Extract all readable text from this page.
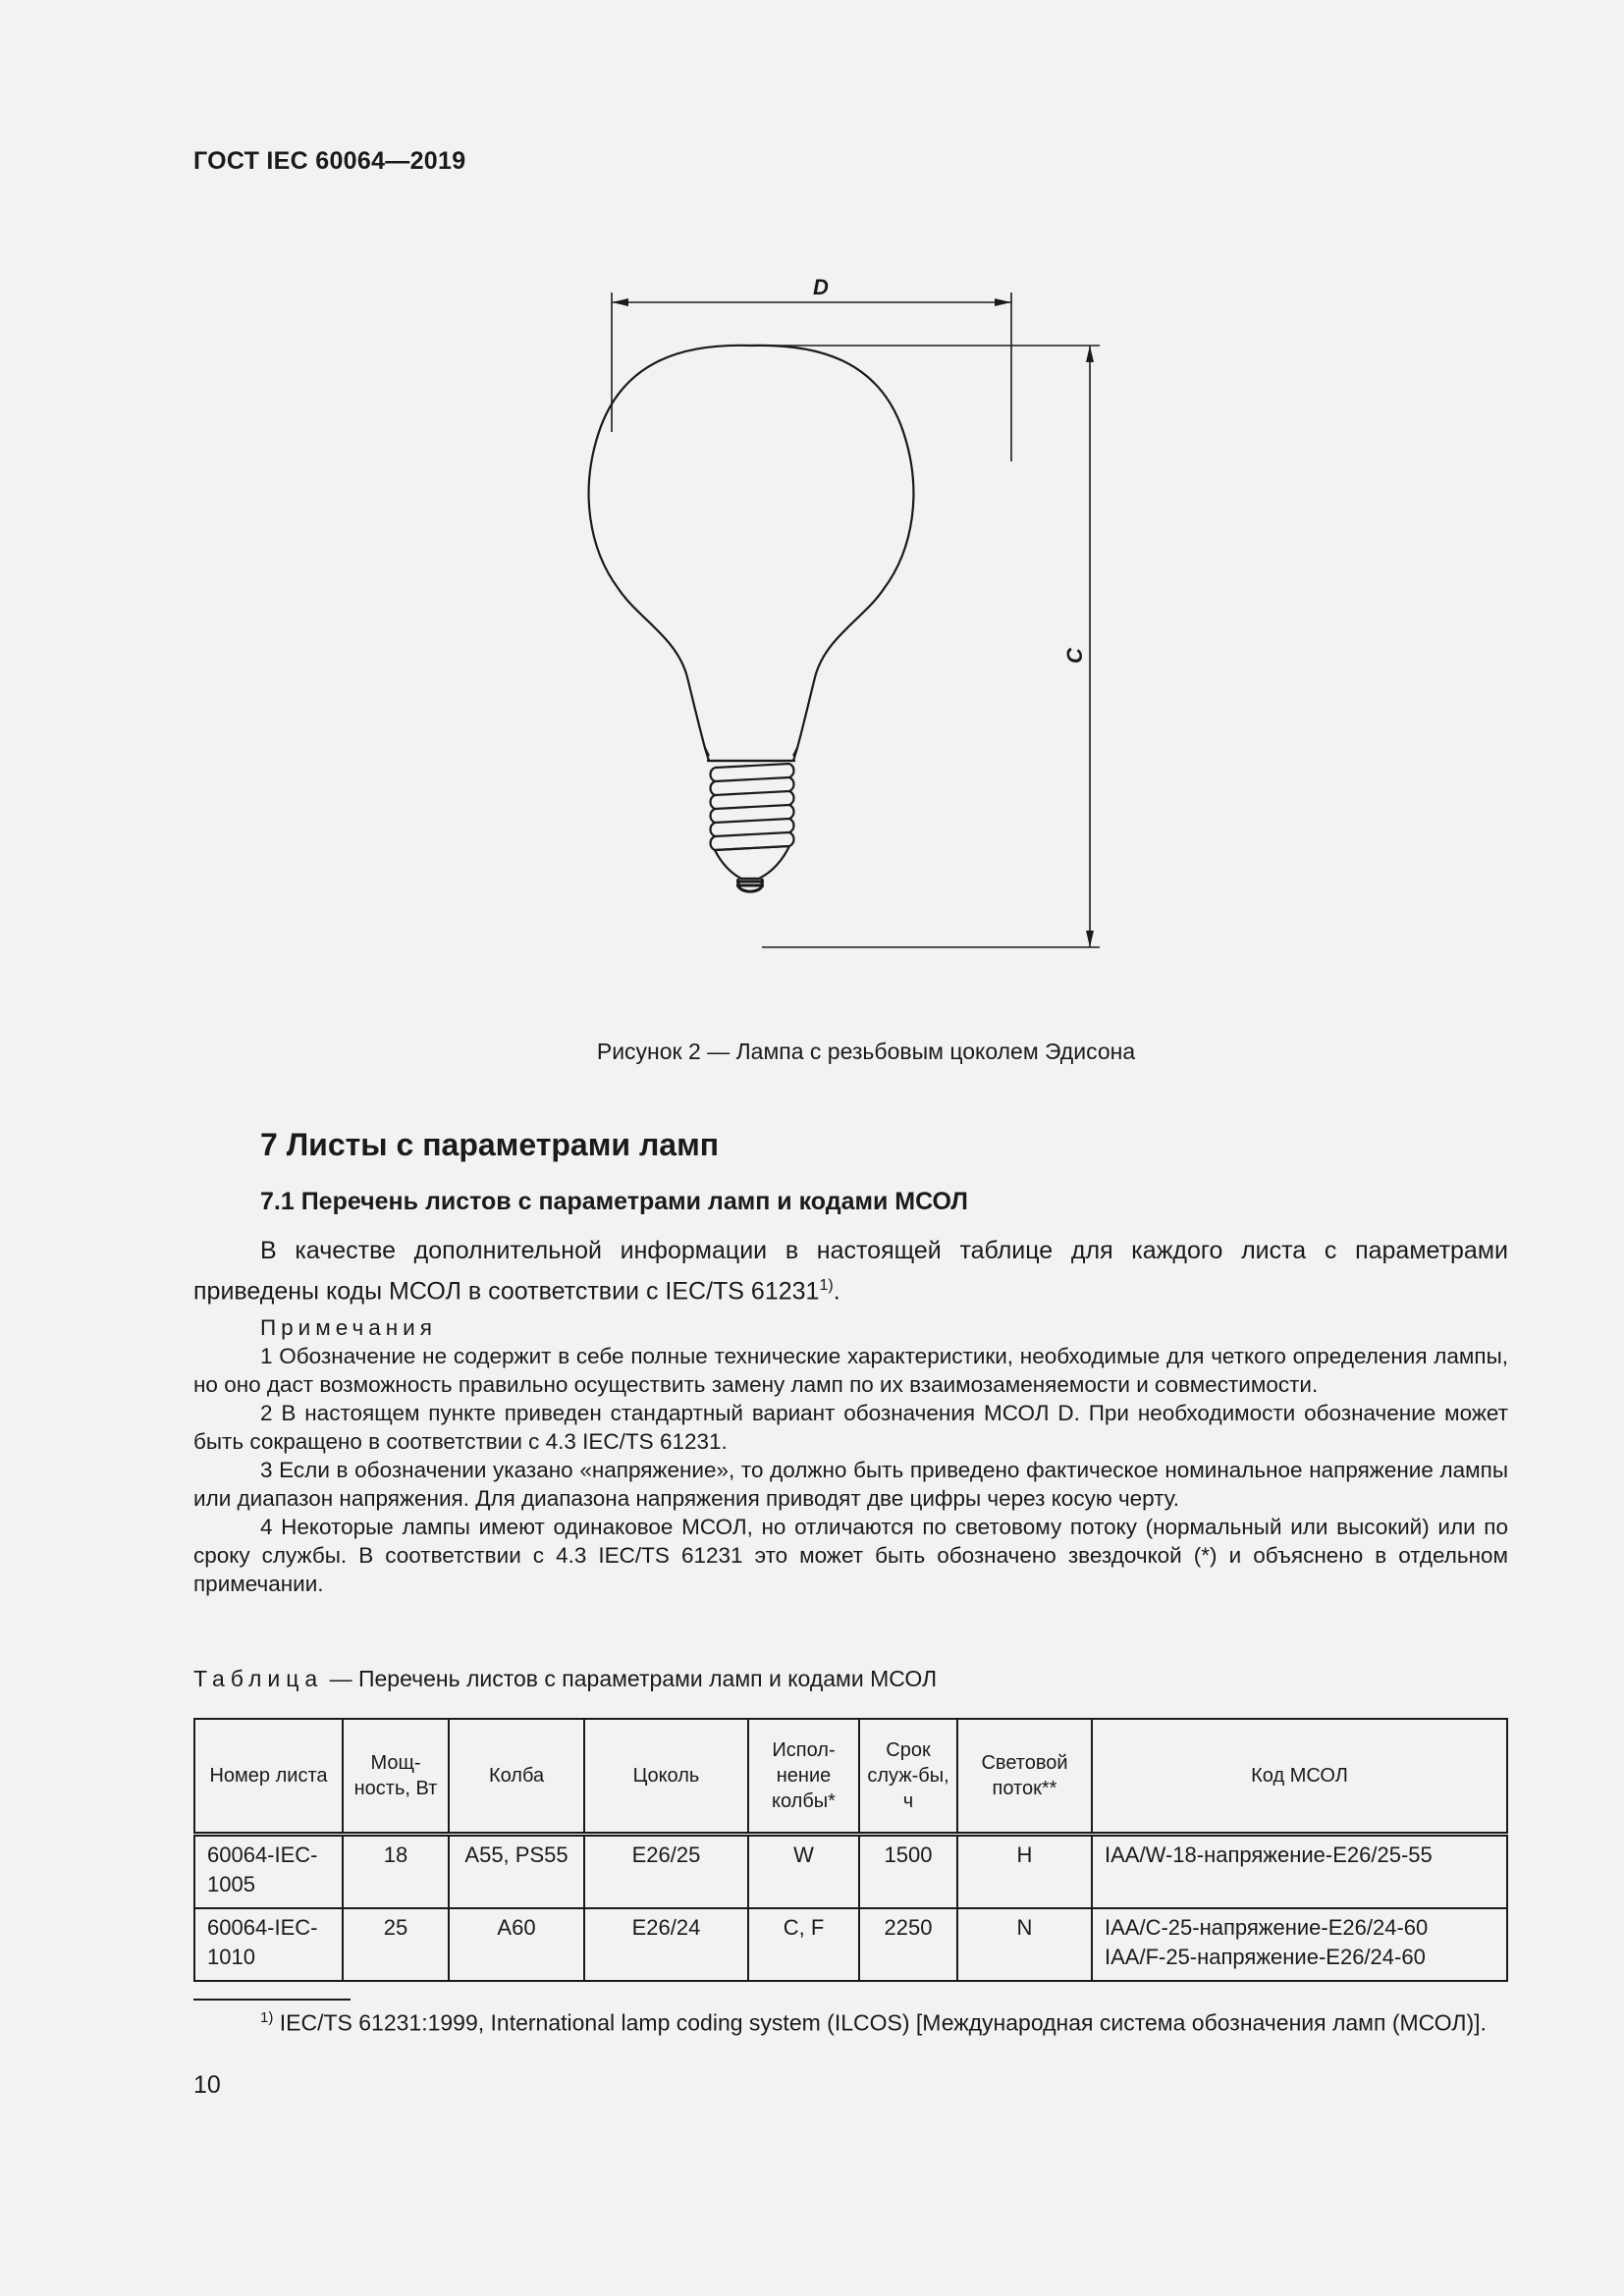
ГОСТ IEC 60064—2019
D
C
Рисунок 2 — Лампа с резьбовым цоколем Эдисона
7 Листы с параметрами ламп
7.1 Перечень листов с параметрами ламп и кодами МСОЛ
В качестве дополнительной информации в настоящей таблице для каждого листа с параметрами приведены коды МСОЛ в соответствии с IEC/TS 61231$^{1)}$.

Примечания

1 Обозначение не содержит в себе полные технические характеристики, необходимые для четкого определения лампы, но оно даст возможность правильно осуществить замену ламп по их взаимозаменяемости и совместимости.

2 В настоящем пункте приведен стандартный вариант обозначения МСОЛ D. При необходимости обозначение может быть сокращено в соответствии с 4.3 IEC/TS 61231.

3 Если в обозначении указано «напряжение», то должно быть приведено фактическое номинальное напряжение лампы или диапазон напряжения. Для диапазона напряжения приводят две цифры через косую черту.

4 Некоторые лампы имеют одинаковое МСОЛ, но отличаются по световому потоку (нормальный или высокий) или по сроку службы. В соответствии с 4.3 IEC/TS 61231 это может быть обозначено звездочкой (*) и объяснено в отдельном примечании.

Таблица — Перечень листов с параметрами ламп и кодами МСОЛ
Номер листа	Мощ-ность, Вт	Колба	Цоколь	Испол-нение колбы*	Срок служ-бы, ч	Световой поток**	Код МСОЛ
60064-IEC-1005	18	A55, PS55	E26/25	W	1500	H	IAA/W-18-напряжение-E26/25-55

60064-IEC-1010	25	A60	E26/24	C, F	2250	N	IAA/C-25-напряжение-E26/24-60
IAA/F-25-напряжение-E26/24-60
$^{1)}$ IEC/TS 61231:1999, International lamp coding system (ILCOS) [Международная система обозначения ламп (МСОЛ)].
10
